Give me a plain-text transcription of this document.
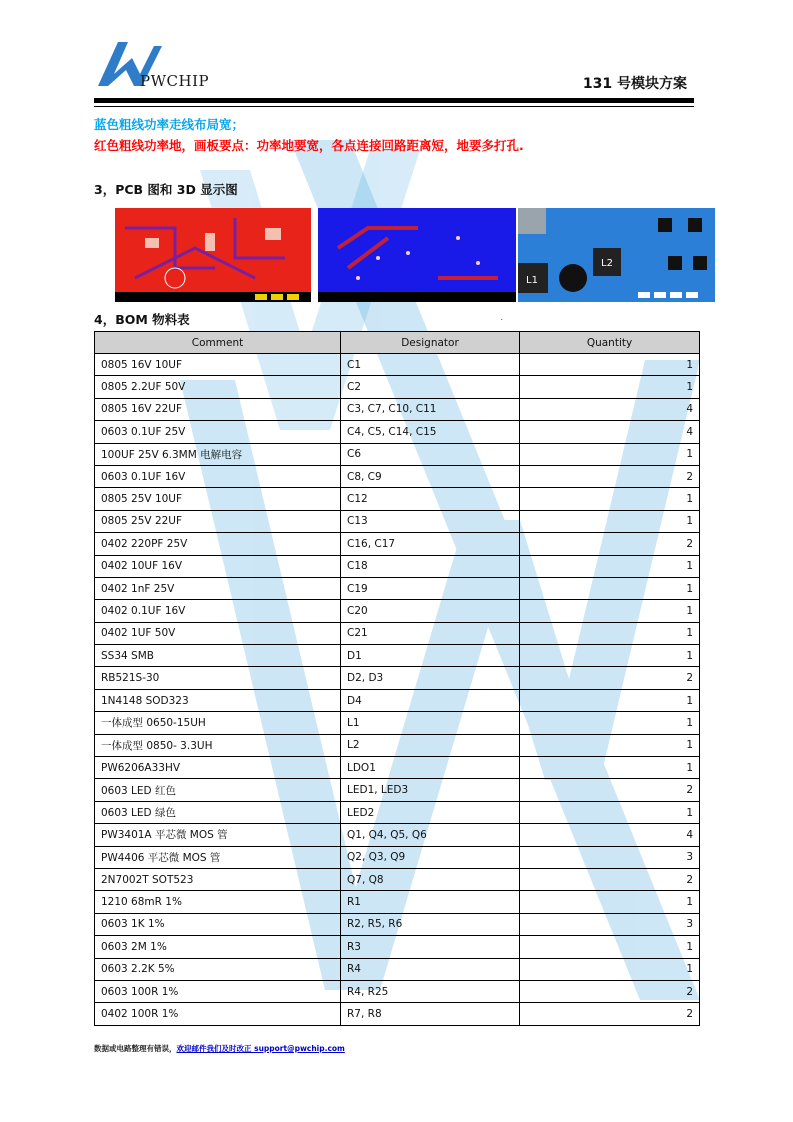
PWCHIP	131 号模块方案
蓝色粗线功率走线布局宽；
红色粗线功率地，画板要点：功率地要宽，各点连接回路距离短，地要多打孔.
3，PCB 图和 3D 显示图
L1
L2
4，BOM 物料表	.
Comment	Designator	Quantity
0805 16V 10UF	C1	1
0805 2.2UF 50V	C2	1
0805 16V 22UF	C3, C7, C10, C11	4
0603 0.1UF 25V	C4, C5, C14, C15	4
100UF 25V 6.3MM 电解电容	C6	1
0603 0.1UF 16V	C8, C9	2
0805 25V 10UF	C12	1
0805 25V 22UF	C13	1
0402 220PF 25V	C16, C17	2
0402 10UF 16V	C18	1
0402 1nF 25V	C19	1
0402 0.1UF 16V	C20	1
0402 1UF 50V	C21	1
SS34 SMB	D1	1
RB521S-30	D2, D3	2
1N4148 SOD323	D4	1
一体成型 0650-15UH	L1	1
一体成型 0850- 3.3UH	L2	1
PW6206A33HV	LDO1	1
0603 LED 红色	LED1, LED3	2
0603 LED 绿色	LED2	1
PW3401A 平芯微 MOS 管	Q1, Q4, Q5, Q6	4
PW4406 平芯微 MOS 管	Q2, Q3, Q9	3
2N7002T SOT523	Q7, Q8	2
1210 68mR 1%	R1	1
0603 1K 1%	R2, R5, R6	3
0603 2M 1%	R3	1
0603 2.2K 5%	R4	1
0603 100R 1%	R4, R25	2
0402 100R 1%	R7, R8	2
数据或电路整理有错误，欢迎邮件我们及时改正 support@pwchip.com
